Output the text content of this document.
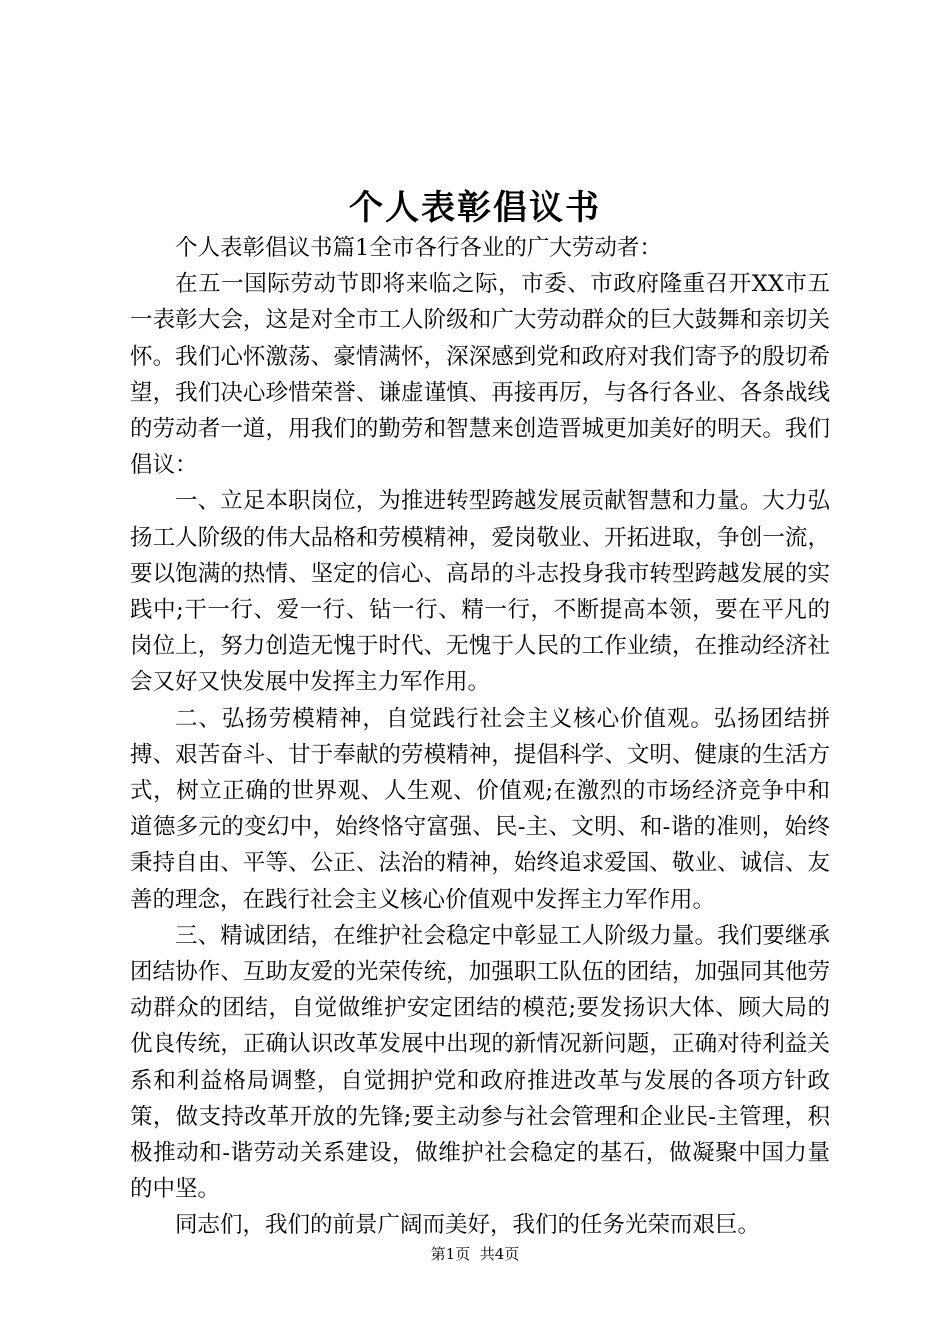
个人表彰倡议书

个人表彰倡议书篇1全市各行各业的广大劳动者：

在五一国际劳动节即将来临之际，市委、市政府隆重召开XX市五一表彰大会，这是对全市工人阶级和广大劳动群众的巨大鼓舞和亲切关怀。我们心怀激荡、豪情满怀，深深感到党和政府对我们寄予的殷切希望，我们决心珍惜荣誉、谦虚谨慎、再接再厉，与各行各业、各条战线的劳动者一道，用我们的勤劳和智慧来创造晋城更加美好的明天。我们倡议：

一、立足本职岗位，为推进转型跨越发展贡献智慧和力量。大力弘扬工人阶级的伟大品格和劳模精神，爱岗敬业、开拓进取，争创一流，要以饱满的热情、坚定的信心、高昂的斗志投身我市转型跨越发展的实践中;干一行、爱一行、钻一行、精一行，不断提高本领，要在平凡的岗位上，努力创造无愧于时代、无愧于人民的工作业绩，在推动经济社会又好又快发展中发挥主力军作用。

二、弘扬劳模精神，自觉践行社会主义核心价值观。弘扬团结拼搏、艰苦奋斗、甘于奉献的劳模精神，提倡科学、文明、健康的生活方式，树立正确的世界观、人生观、价值观;在激烈的市场经济竞争中和道德多元的变幻中，始终恪守富强、民-主、文明、和-谐的准则，始终秉持自由、平等、公正、法治的精神，始终追求爱国、敬业、诚信、友善的理念，在践行社会主义核心价值观中发挥主力军作用。

三、精诚团结，在维护社会稳定中彰显工人阶级力量。我们要继承团结协作、互助友爱的光荣传统，加强职工队伍的团结，加强同其他劳动群众的团结，自觉做维护安定团结的模范;要发扬识大体、顾大局的优良传统，正确认识改革发展中出现的新情况新问题，正确对待利益关系和利益格局调整，自觉拥护党和政府推进改革与发展的各项方针政策，做支持改革开放的先锋;要主动参与社会管理和企业民-主管理，积极推动和-谐劳动关系建设，做维护社会稳定的基石，做凝聚中国力量的中坚。

同志们，我们的前景广阔而美好，我们的任务光荣而艰巨。

第1页 共4页
